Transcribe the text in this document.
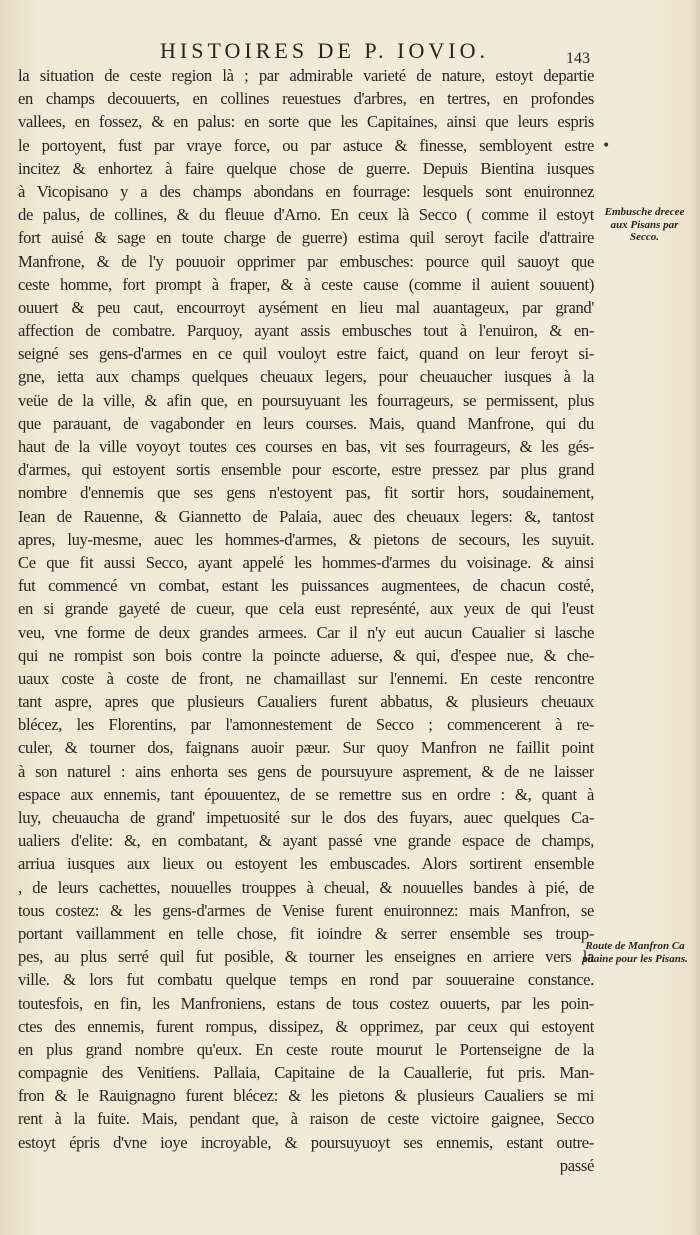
HISTOIRES DE P. IOVIO.	143
la situation de ceste region là ; par admirable varieté de nature, estoyt departie
en champs decouuerts, en collines reuestues d'arbres, en tertres, en profondes
vallees, en fossez, & en palus: en sorte que les Capitaines, ainsi que leurs espris
le portoyent, fust par vraye force, ou par astuce & finesse, sembloyent estre
incitez & enhortez à faire quelque chose de guerre. Depuis Bientina iusques
à Vicopisano y a des champs abondans en fourrage: lesquels sont enuironnez
de palus, de collines, & du fleuue d'Arno. En ceux là Secco ( comme il estoyt
fort auisé & sage en toute charge de guerre) estima quil seroyt facile d'attraire
Manfrone, & de l'y pouuoir opprimer par embusches: pource quil sauoyt que
ceste homme, fort prompt à fraper, & à ceste cause (comme il auient souuent)
ouuert & peu caut, encourroyt aysément en lieu mal auantageux, par grand'
affection de combatre. Parquoy, ayant assis embusches tout à l'enuiron, & en-
seigné ses gens-d'armes en ce quil vouloyt estre faict, quand on leur feroyt si-
gne, ietta aux champs quelques cheuaux legers, pour cheuaucher iusques à la
veüe de la ville, & afin que, en poursuyuant les fourrageurs, se permissent, plus
que parauant, de vagabonder en leurs courses. Mais, quand Manfrone, qui du
haut de la ville voyoyt toutes ces courses en bas, vit ses fourrageurs, & les gés-
d'armes, qui estoyent sortis ensemble pour escorte, estre pressez par plus grand
nombre d'ennemis que ses gens n'estoyent pas, fit sortir hors, soudainement,
Iean de Rauenne, & Giannetto de Palaia, auec des cheuaux legers: &, tantost
apres, luy-mesme, auec les hommes-d'armes, & pietons de secours, les suyuit.
Ce que fit aussi Secco, ayant appelé les hommes-d'armes du voisinage. & ainsi
fut commencé vn combat, estant les puissances augmentees, de chacun costé,
en si grande gayeté de cueur, que cela eust represénté, aux yeux de qui l'eust
veu, vne forme de deux grandes armees. Car il n'y eut aucun Caualier si lasche
qui ne rompist son bois contre la poincte aduerse, & qui, d'espee nue, & che-
uaux coste à coste de front, ne chamaillast sur l'ennemi. En ceste rencontre
tant aspre, apres que plusieurs Caualiers furent abbatus, & plusieurs cheuaux
blécez, les Florentins, par l'amonnestement de Secco ; commencerent à re-
culer, & tourner dos, faignans auoir pæur. Sur quoy Manfron ne faillit point
à son naturel : ains enhorta ses gens de poursuyure asprement, & de ne laisser
espace aux ennemis, tant épouuentez, de se remettre sus en ordre : &, quant à
luy, cheuaucha de grand' impetuosité sur le dos des fuyars, auec quelques Ca-
ualiers d'elite: &, en combatant, & ayant passé vne grande espace de champs,
arriua iusques aux lieux ou estoyent les embuscades. Alors sortirent ensemble
, de leurs cachettes, nouuelles trouppes à cheual, & nouuelles bandes à pié, de
tous costez: & les gens-d'armes de Venise furent enuironnez: mais Manfron, se
portant vaillamment en telle chose, fit ioindre & serrer ensemble ses troup-
pes, au plus serré quil fut posible, & tourner les enseignes en arriere vers la
ville. & lors fut combatu quelque temps en rond par souueraine constance.
toutesfois, en fin, les Manfroniens, estans de tous costez ouuerts, par les poin-
ctes des ennemis, furent rompus, dissipez, & opprimez, par ceux qui estoyent
en plus grand nombre qu'eux. En ceste route mourut le Portenseigne de la
compagnie des Venitiens. Pallaia, Capitaine de la Cauallerie, fut pris. Man-
fron & le Rauignagno furent blécez: & les pietons & plusieurs Caualiers se mi
rent à la fuite. Mais, pendant que, à raison de ceste victoire gaignee, Secco
estoyt épris d'vne ioye incroyable, & poursuyuoyt ses ennemis, estant outre-
passé
Embusche drecee aux Pisans par Secco.
Route de Manfron Ca pitaine pour les Pisans.
•
